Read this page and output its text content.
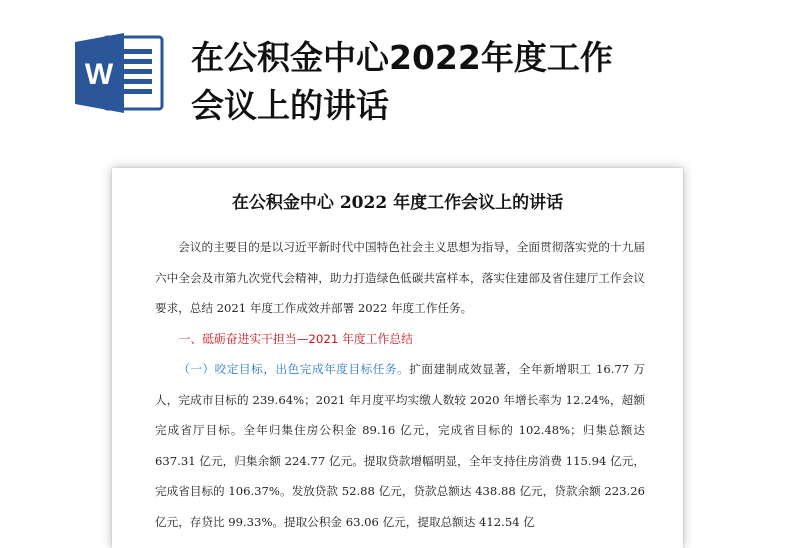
W 在公积金中心2022年度工作
会议上的讲话
在公积金中心 2022 年度工作会议上的讲话

会议的主要目的是以习近平新时代中国特色社会主义思想为指导，全面贯彻落实党的十九届六中全会及市第九次党代会精神，助力打造绿色低碳共富样本，落实住建部及省住建厅工作会议要求，总结 2021 年度工作成效并部署 2022 年度工作任务。

一、砥砺奋进实干担当—2021 年度工作总结

（一）咬定目标，出色完成年度目标任务。扩面建制成效显著，全年新增职工 16.77 万人，完成市目标的 239.64%；2021 年月度平均实缴人数较 2020 年增长率为 12.24%，超额完成省厅目标。全年归集住房公积金 89.16 亿元，完成省目标的 102.48%；归集总额达 637.31 亿元，归集余额 224.77 亿元。提取贷款增幅明显，全年支持住房消费 115.94 亿元，完成省目标的 106.37%。发放贷款 52.88 亿元，贷款总额达 438.88 亿元，贷款余额 223.26 亿元，存贷比 99.33%。提取公积金 63.06 亿元，提取总额达 412.54 亿
